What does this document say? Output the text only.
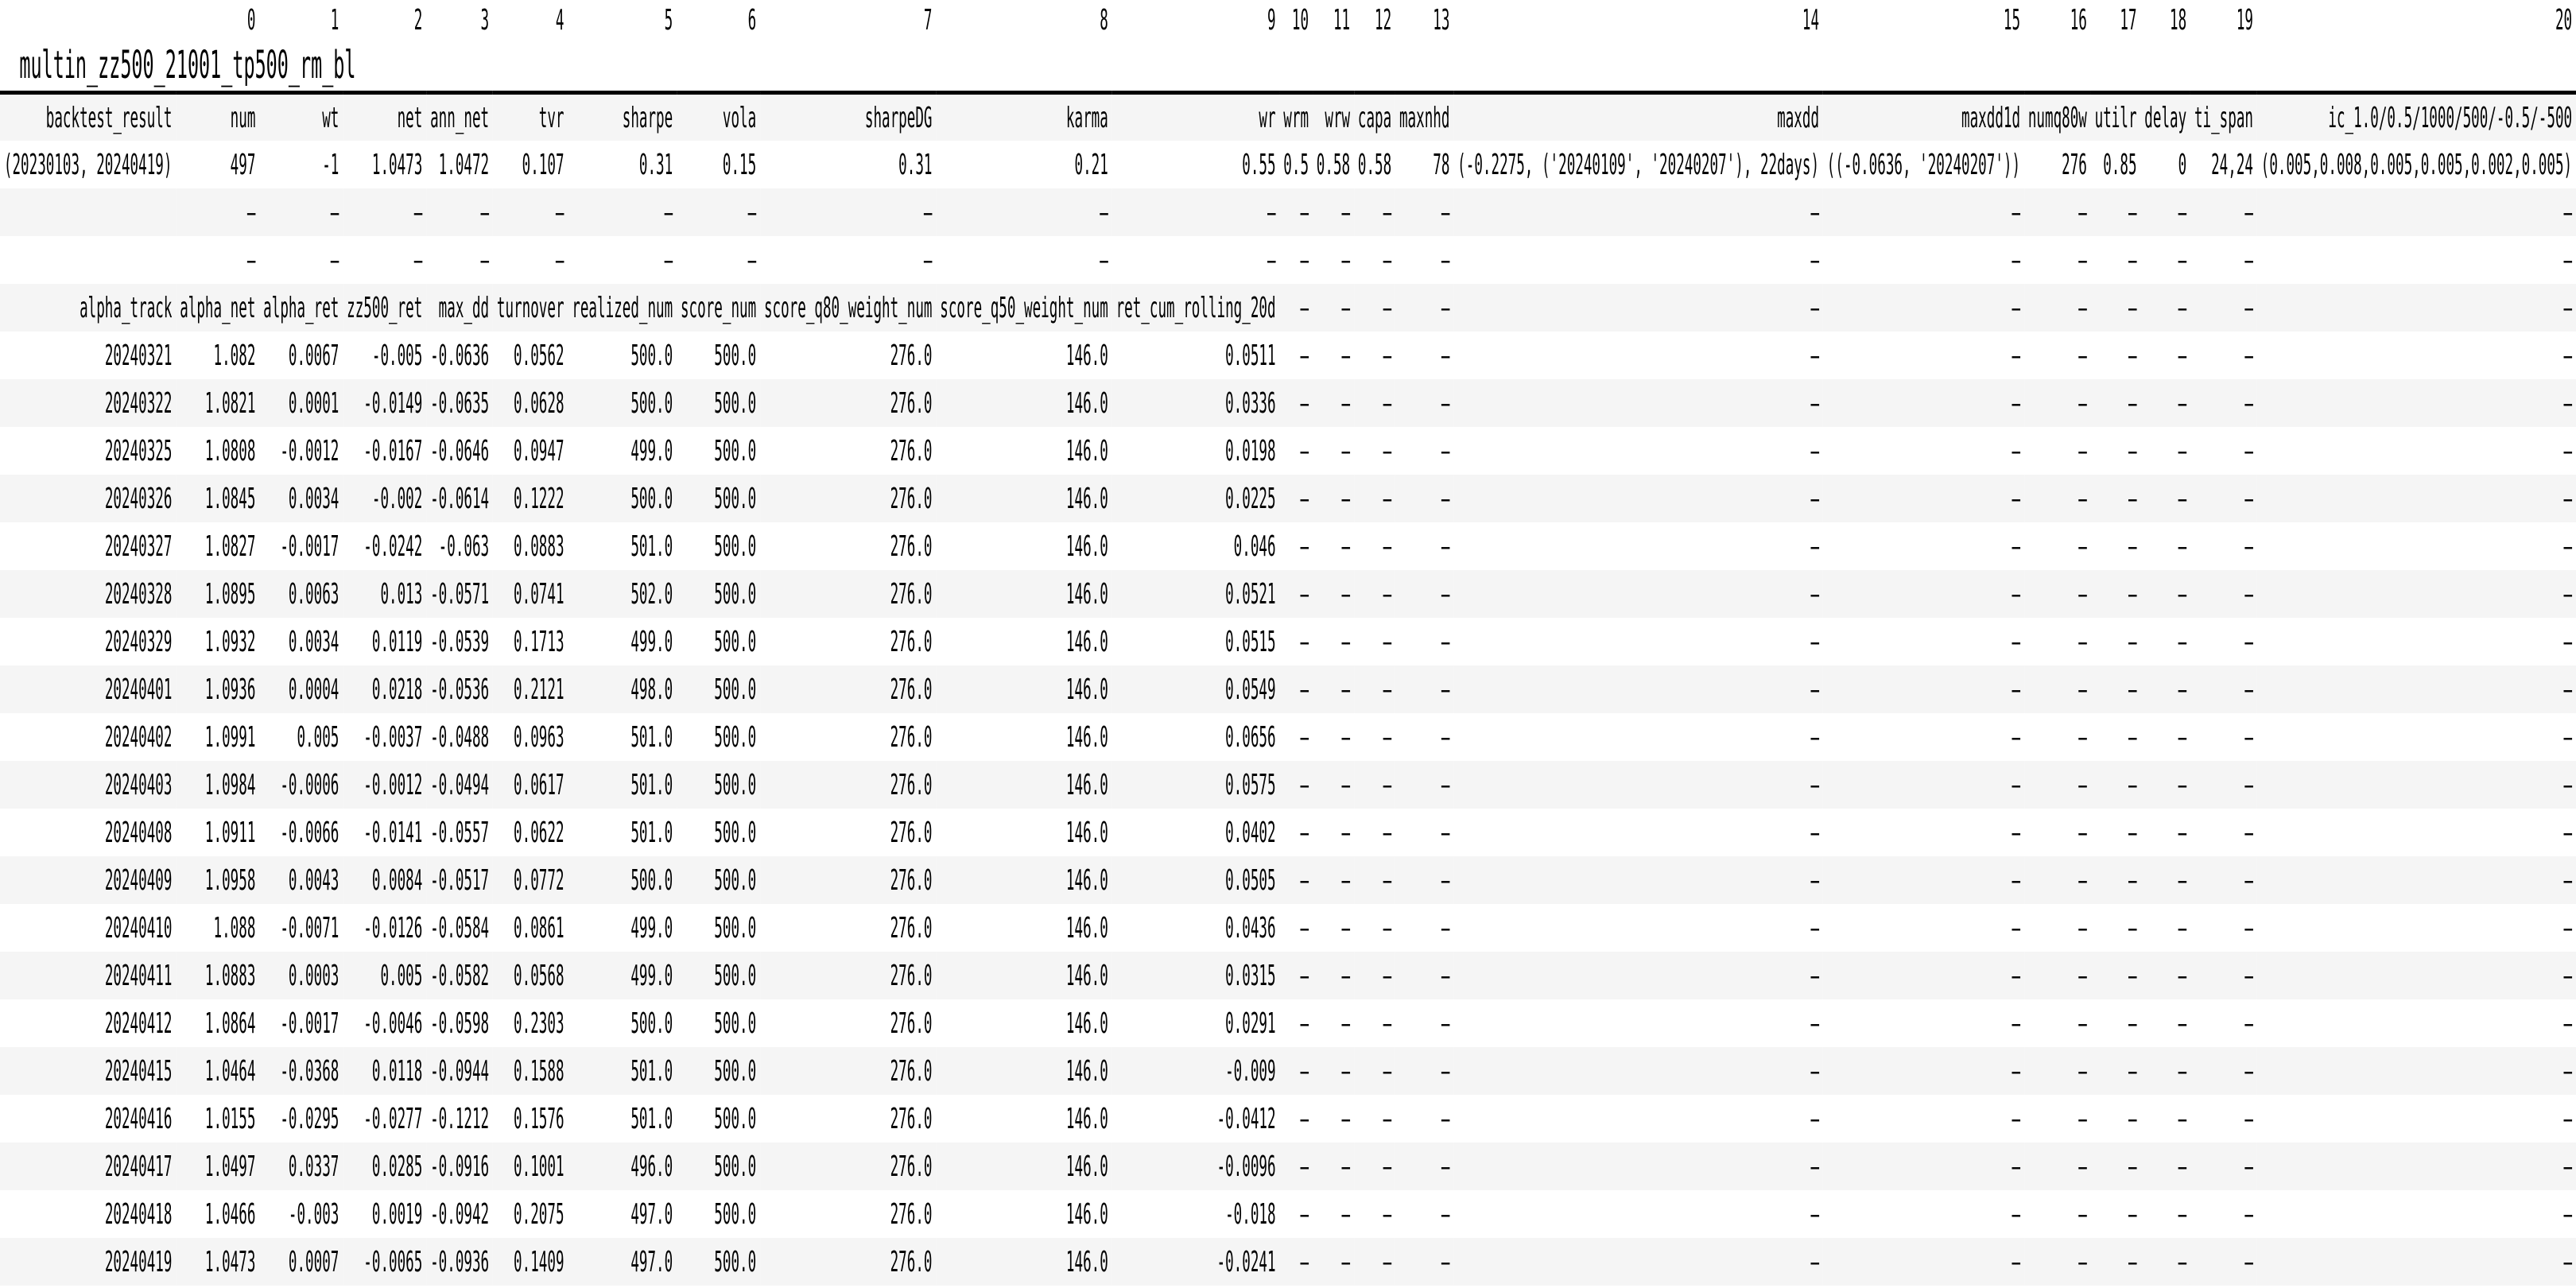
	0	1	2	3	4	5	6	7	8	9	10	11	12	13	14	15	16	17	18	19	20
multin_zz500_21001_tp500_rm_bl																					
backtest_result	num	wt	net	ann_net	tvr	sharpe	vola	sharpeDG	karma	wr	wrm	wrw	capa	maxnhd	maxdd	maxdd1d	numq80w	utilr	delay	ti_span	ic_1.0/0.5/1000/500/-0.5/-500
(20230103, 20240419)	497	-1	1.0473	1.0472	0.107	0.31	0.15	0.31	0.21	0.55	0.5	0.58	0.58	78	(-0.2275, ('20240109', '20240207'), 22days)	((-0.0636, '20240207'))	276	0.85	0	24,24	(0.005,0.008,0.005,0.005,0.002,0.005)
	—	—	—	—	—	—	—	—	—	—	—	—	—	—	—	—	—	—	—	—	—
	—	—	—	—	—	—	—	—	—	—	—	—	—	—	—	—	—	—	—	—	—
alpha_track	alpha_net	alpha_ret	zz500_ret	max_dd	turnover	realized_num	score_num	score_q80_weight_num	score_q50_weight_num	ret_cum_rolling_20d	—	—	—	—	—	—	—	—	—	—	—
20240321	1.082	0.0067	-0.005	-0.0636	0.0562	500.0	500.0	276.0	146.0	0.0511	—	—	—	—	—	—	—	—	—	—	—
20240322	1.0821	0.0001	-0.0149	-0.0635	0.0628	500.0	500.0	276.0	146.0	0.0336	—	—	—	—	—	—	—	—	—	—	—
20240325	1.0808	-0.0012	-0.0167	-0.0646	0.0947	499.0	500.0	276.0	146.0	0.0198	—	—	—	—	—	—	—	—	—	—	—
20240326	1.0845	0.0034	-0.002	-0.0614	0.1222	500.0	500.0	276.0	146.0	0.0225	—	—	—	—	—	—	—	—	—	—	—
20240327	1.0827	-0.0017	-0.0242	-0.063	0.0883	501.0	500.0	276.0	146.0	0.046	—	—	—	—	—	—	—	—	—	—	—
20240328	1.0895	0.0063	0.013	-0.0571	0.0741	502.0	500.0	276.0	146.0	0.0521	—	—	—	—	—	—	—	—	—	—	—
20240329	1.0932	0.0034	0.0119	-0.0539	0.1713	499.0	500.0	276.0	146.0	0.0515	—	—	—	—	—	—	—	—	—	—	—
20240401	1.0936	0.0004	0.0218	-0.0536	0.2121	498.0	500.0	276.0	146.0	0.0549	—	—	—	—	—	—	—	—	—	—	—
20240402	1.0991	0.005	-0.0037	-0.0488	0.0963	501.0	500.0	276.0	146.0	0.0656	—	—	—	—	—	—	—	—	—	—	—
20240403	1.0984	-0.0006	-0.0012	-0.0494	0.0617	501.0	500.0	276.0	146.0	0.0575	—	—	—	—	—	—	—	—	—	—	—
20240408	1.0911	-0.0066	-0.0141	-0.0557	0.0622	501.0	500.0	276.0	146.0	0.0402	—	—	—	—	—	—	—	—	—	—	—
20240409	1.0958	0.0043	0.0084	-0.0517	0.0772	500.0	500.0	276.0	146.0	0.0505	—	—	—	—	—	—	—	—	—	—	—
20240410	1.088	-0.0071	-0.0126	-0.0584	0.0861	499.0	500.0	276.0	146.0	0.0436	—	—	—	—	—	—	—	—	—	—	—
20240411	1.0883	0.0003	0.005	-0.0582	0.0568	499.0	500.0	276.0	146.0	0.0315	—	—	—	—	—	—	—	—	—	—	—
20240412	1.0864	-0.0017	-0.0046	-0.0598	0.2303	500.0	500.0	276.0	146.0	0.0291	—	—	—	—	—	—	—	—	—	—	—
20240415	1.0464	-0.0368	0.0118	-0.0944	0.1588	501.0	500.0	276.0	146.0	-0.009	—	—	—	—	—	—	—	—	—	—	—
20240416	1.0155	-0.0295	-0.0277	-0.1212	0.1576	501.0	500.0	276.0	146.0	-0.0412	—	—	—	—	—	—	—	—	—	—	—
20240417	1.0497	0.0337	0.0285	-0.0916	0.1001	496.0	500.0	276.0	146.0	-0.0096	—	—	—	—	—	—	—	—	—	—	—
20240418	1.0466	-0.003	0.0019	-0.0942	0.2075	497.0	500.0	276.0	146.0	-0.018	—	—	—	—	—	—	—	—	—	—	—
20240419	1.0473	0.0007	-0.0065	-0.0936	0.1409	497.0	500.0	276.0	146.0	-0.0241	—	—	—	—	—	—	—	—	—	—	—
